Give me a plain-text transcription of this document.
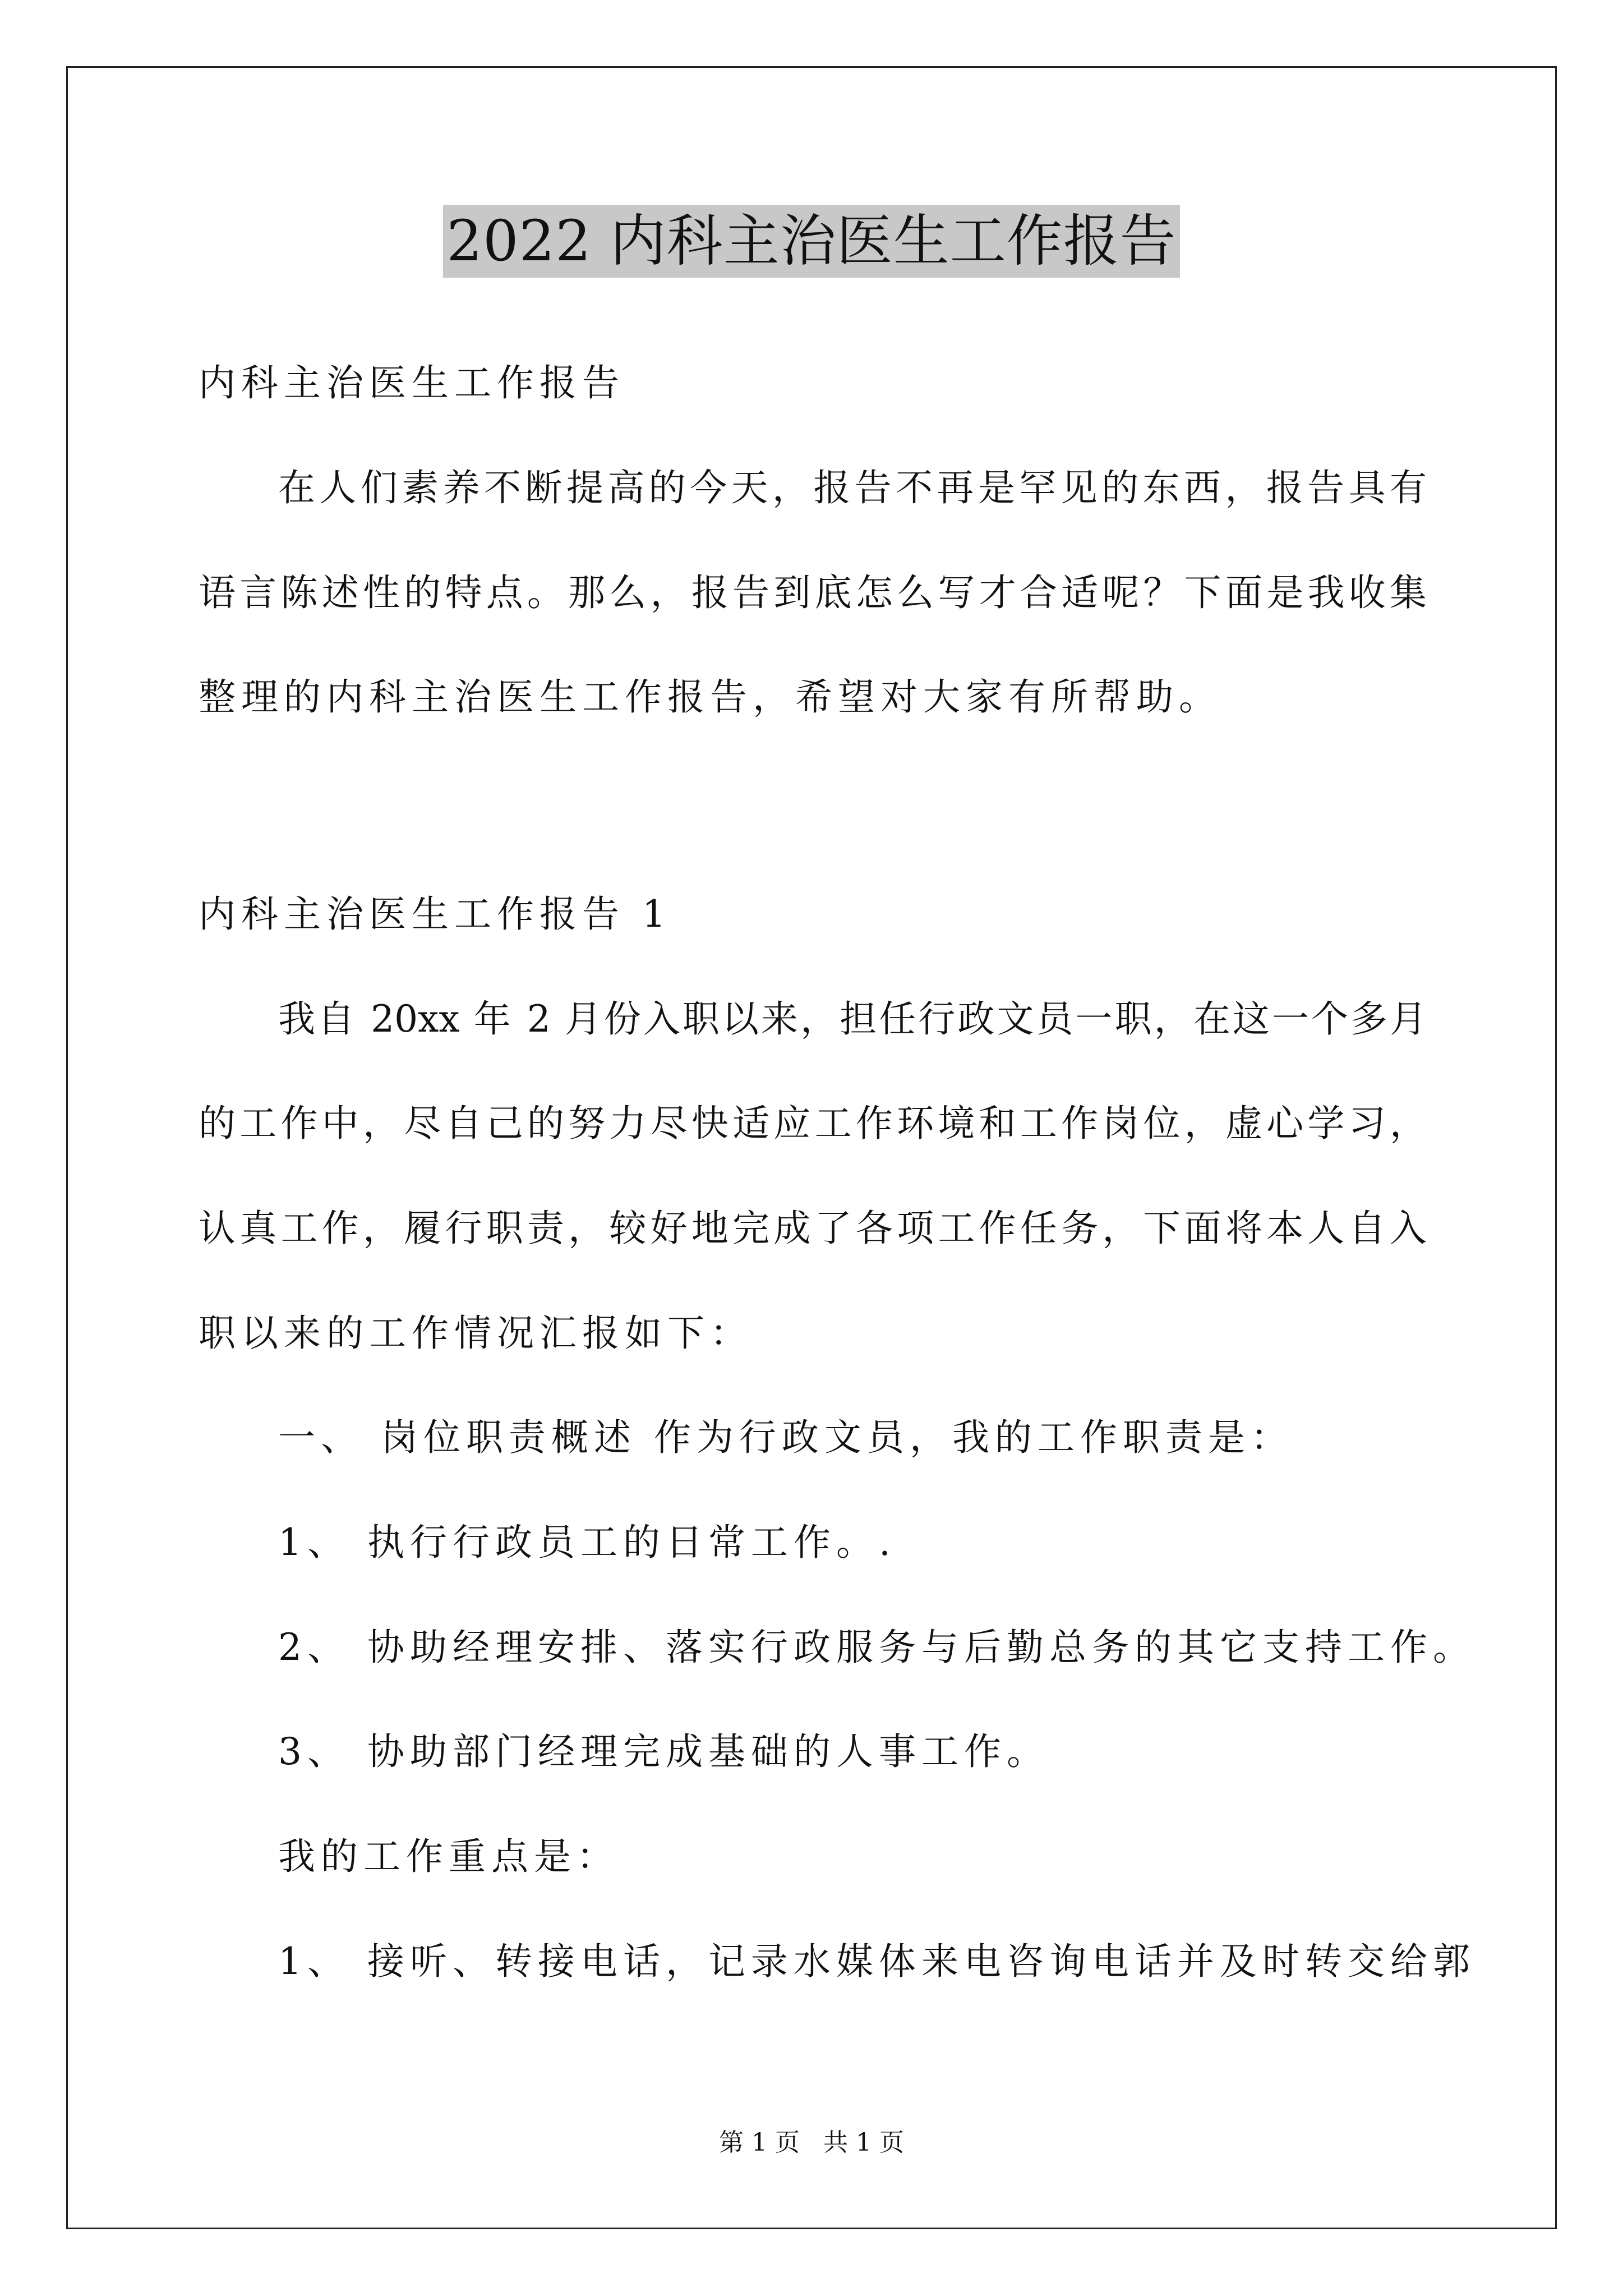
2022 内科主治医生工作报告
内科主治医生工作报告
在人们素养不断提高的今天，报告不再是罕见的东西，报告具有
语言陈述性的特点。那么，报告到底怎么写才合适呢？下面是我收集
整理的内科主治医生工作报告，希望对大家有所帮助。
内科主治医生工作报告 1
我自 20xx 年 2 月份入职以来，担任行政文员一职，在这一个多月
的工作中，尽自己的努力尽快适应工作环境和工作岗位，虚心学习，
认真工作，履行职责，较好地完成了各项工作任务，下面将本人自入
职以来的工作情况汇报如下：
一、 岗位职责概述 作为行政文员，我的工作职责是：
1、 执行行政员工的日常工作。.
2、 协助经理安排、落实行政服务与后勤总务的其它支持工作。
3、 协助部门经理完成基础的人事工作。
我的工作重点是：
1、 接听、转接电话，记录水媒体来电咨询电话并及时转交给郭
第 1 页 共 1 页
